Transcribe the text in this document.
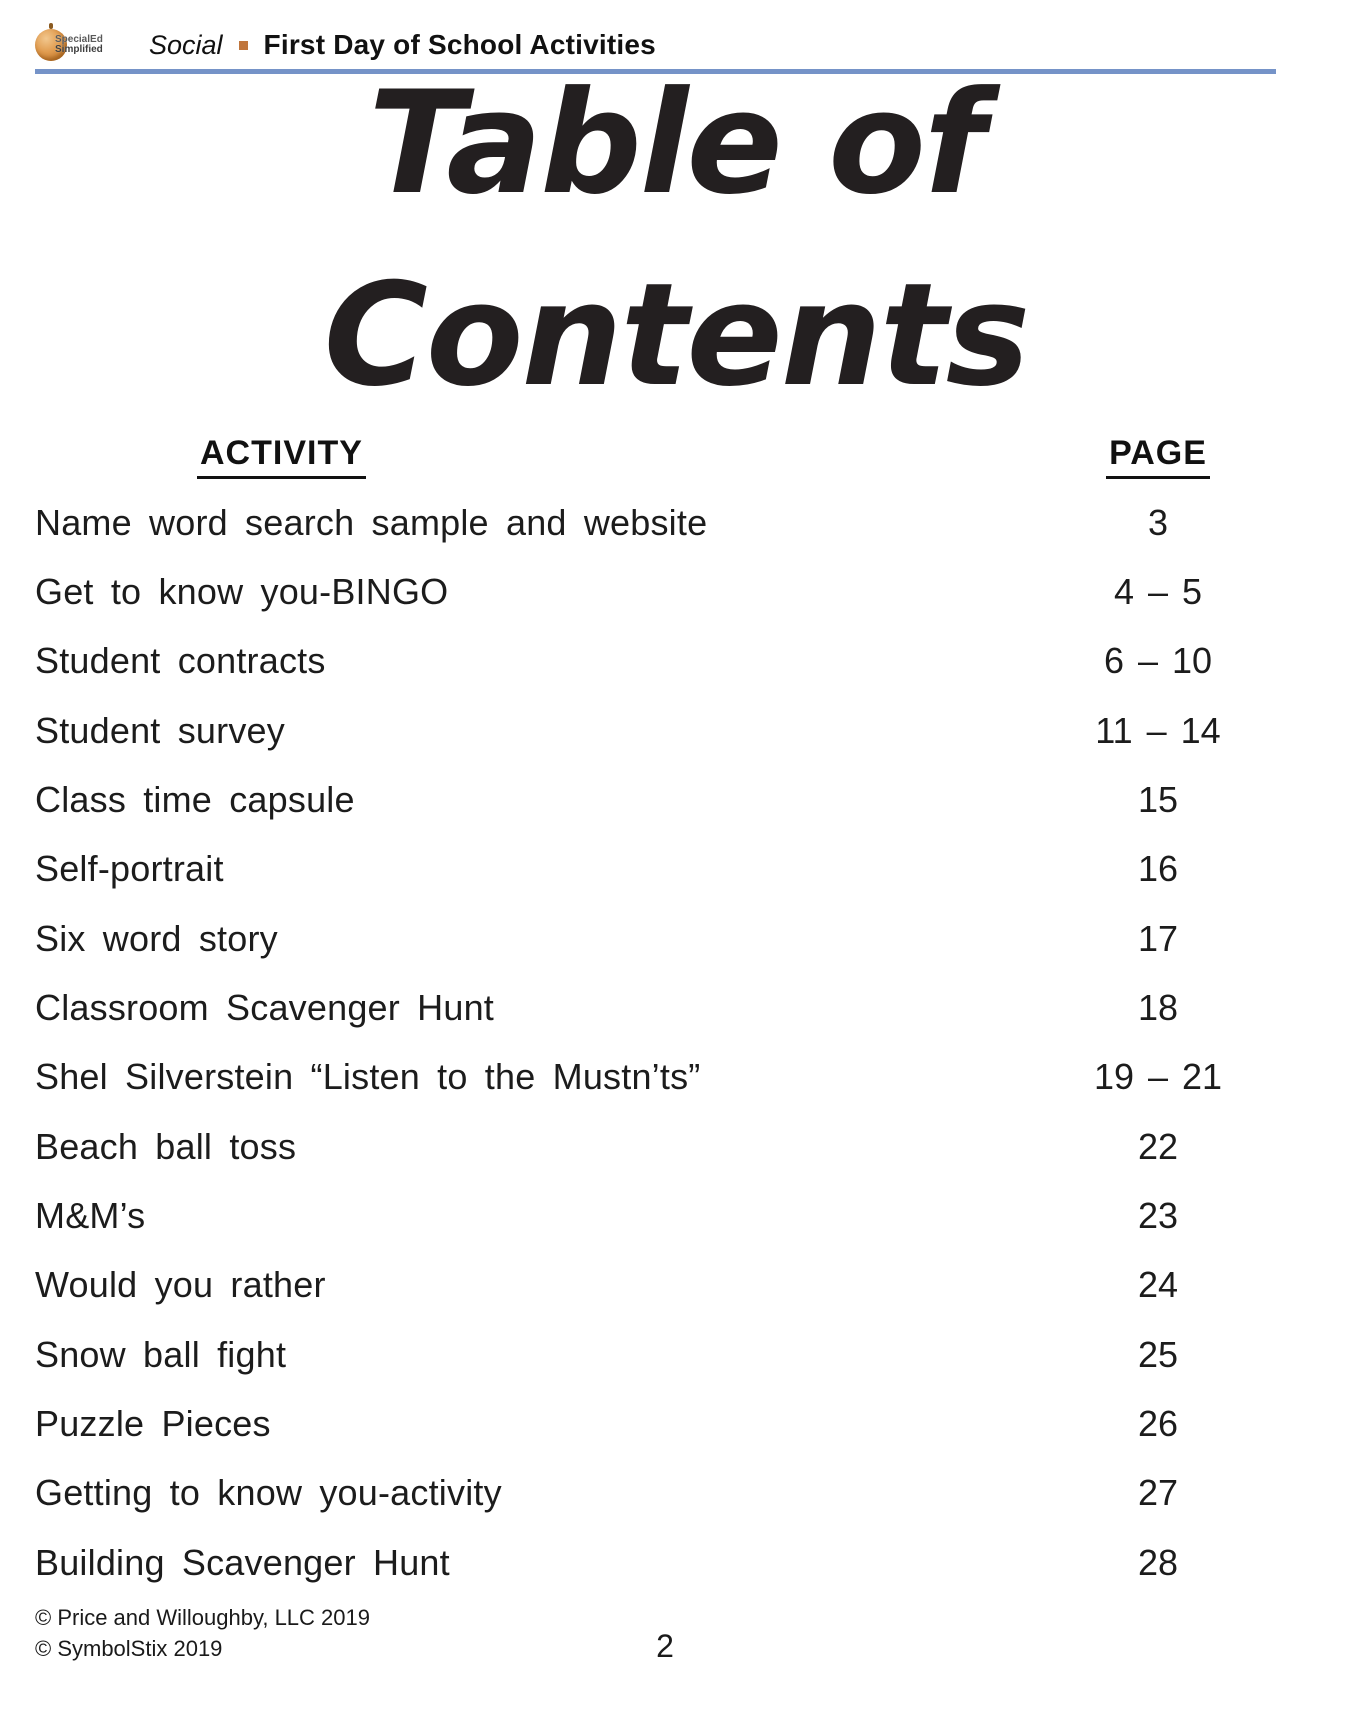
SpecialEd
Simplified Social First Day of School Activities
Table of
Contents
ACTIVITY	PAGE
Name word search sample and website	3
Get to know you-BINGO	4 – 5
Student contracts	6 – 10
Student survey	11 – 14
Class time capsule	15
Self-portrait	16
Six word story	17
Classroom Scavenger Hunt	18
Shel Silverstein “Listen to the Mustn’ts”	19 – 21
Beach ball toss	22
M&M’s	23
Would you rather	24
Snow ball fight	25
Puzzle Pieces	26
Getting to know you-activity	27
Building Scavenger Hunt	28
© Price and Willoughby, LLC 2019
© SymbolStix 2019	2
